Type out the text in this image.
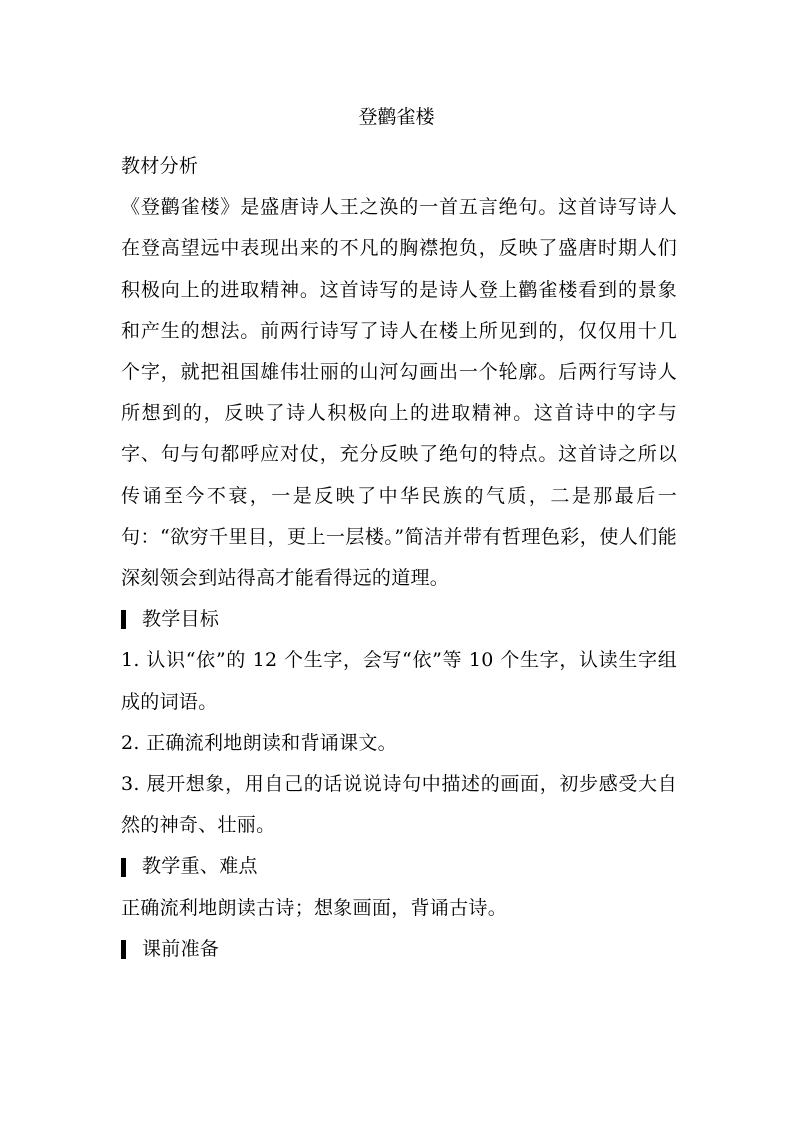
登鹳雀楼

教材分析

《登鹳雀楼》是盛唐诗人王之涣的一首五言绝句。这首诗写诗人在登高望远中表现出来的不凡的胸襟抱负，反映了盛唐时期人们积极向上的进取精神。这首诗写的是诗人登上鹳雀楼看到的景象和产生的想法。前两行诗写了诗人在楼上所见到的，仅仅用十几个字，就把祖国雄伟壮丽的山河勾画出一个轮廓。后两行写诗人所想到的，反映了诗人积极向上的进取精神。这首诗中的字与字、句与句都呼应对仗，充分反映了绝句的特点。这首诗之所以传诵至今不衰，一是反映了中华民族的气质，二是那最后一句：“欲穷千里目，更上一层楼。”简洁并带有哲理色彩，使人们能深刻领会到站得高才能看得远的道理。

教学目标

1. 认识“依”的 12 个生字，会写“依”等 10 个生字，认读生字组成的词语。

2. 正确流利地朗读和背诵课文。

3. 展开想象，用自己的话说说诗句中描述的画面，初步感受大自然的神奇、壮丽。

教学重、难点

正确流利地朗读古诗；想象画面，背诵古诗。

课前准备
